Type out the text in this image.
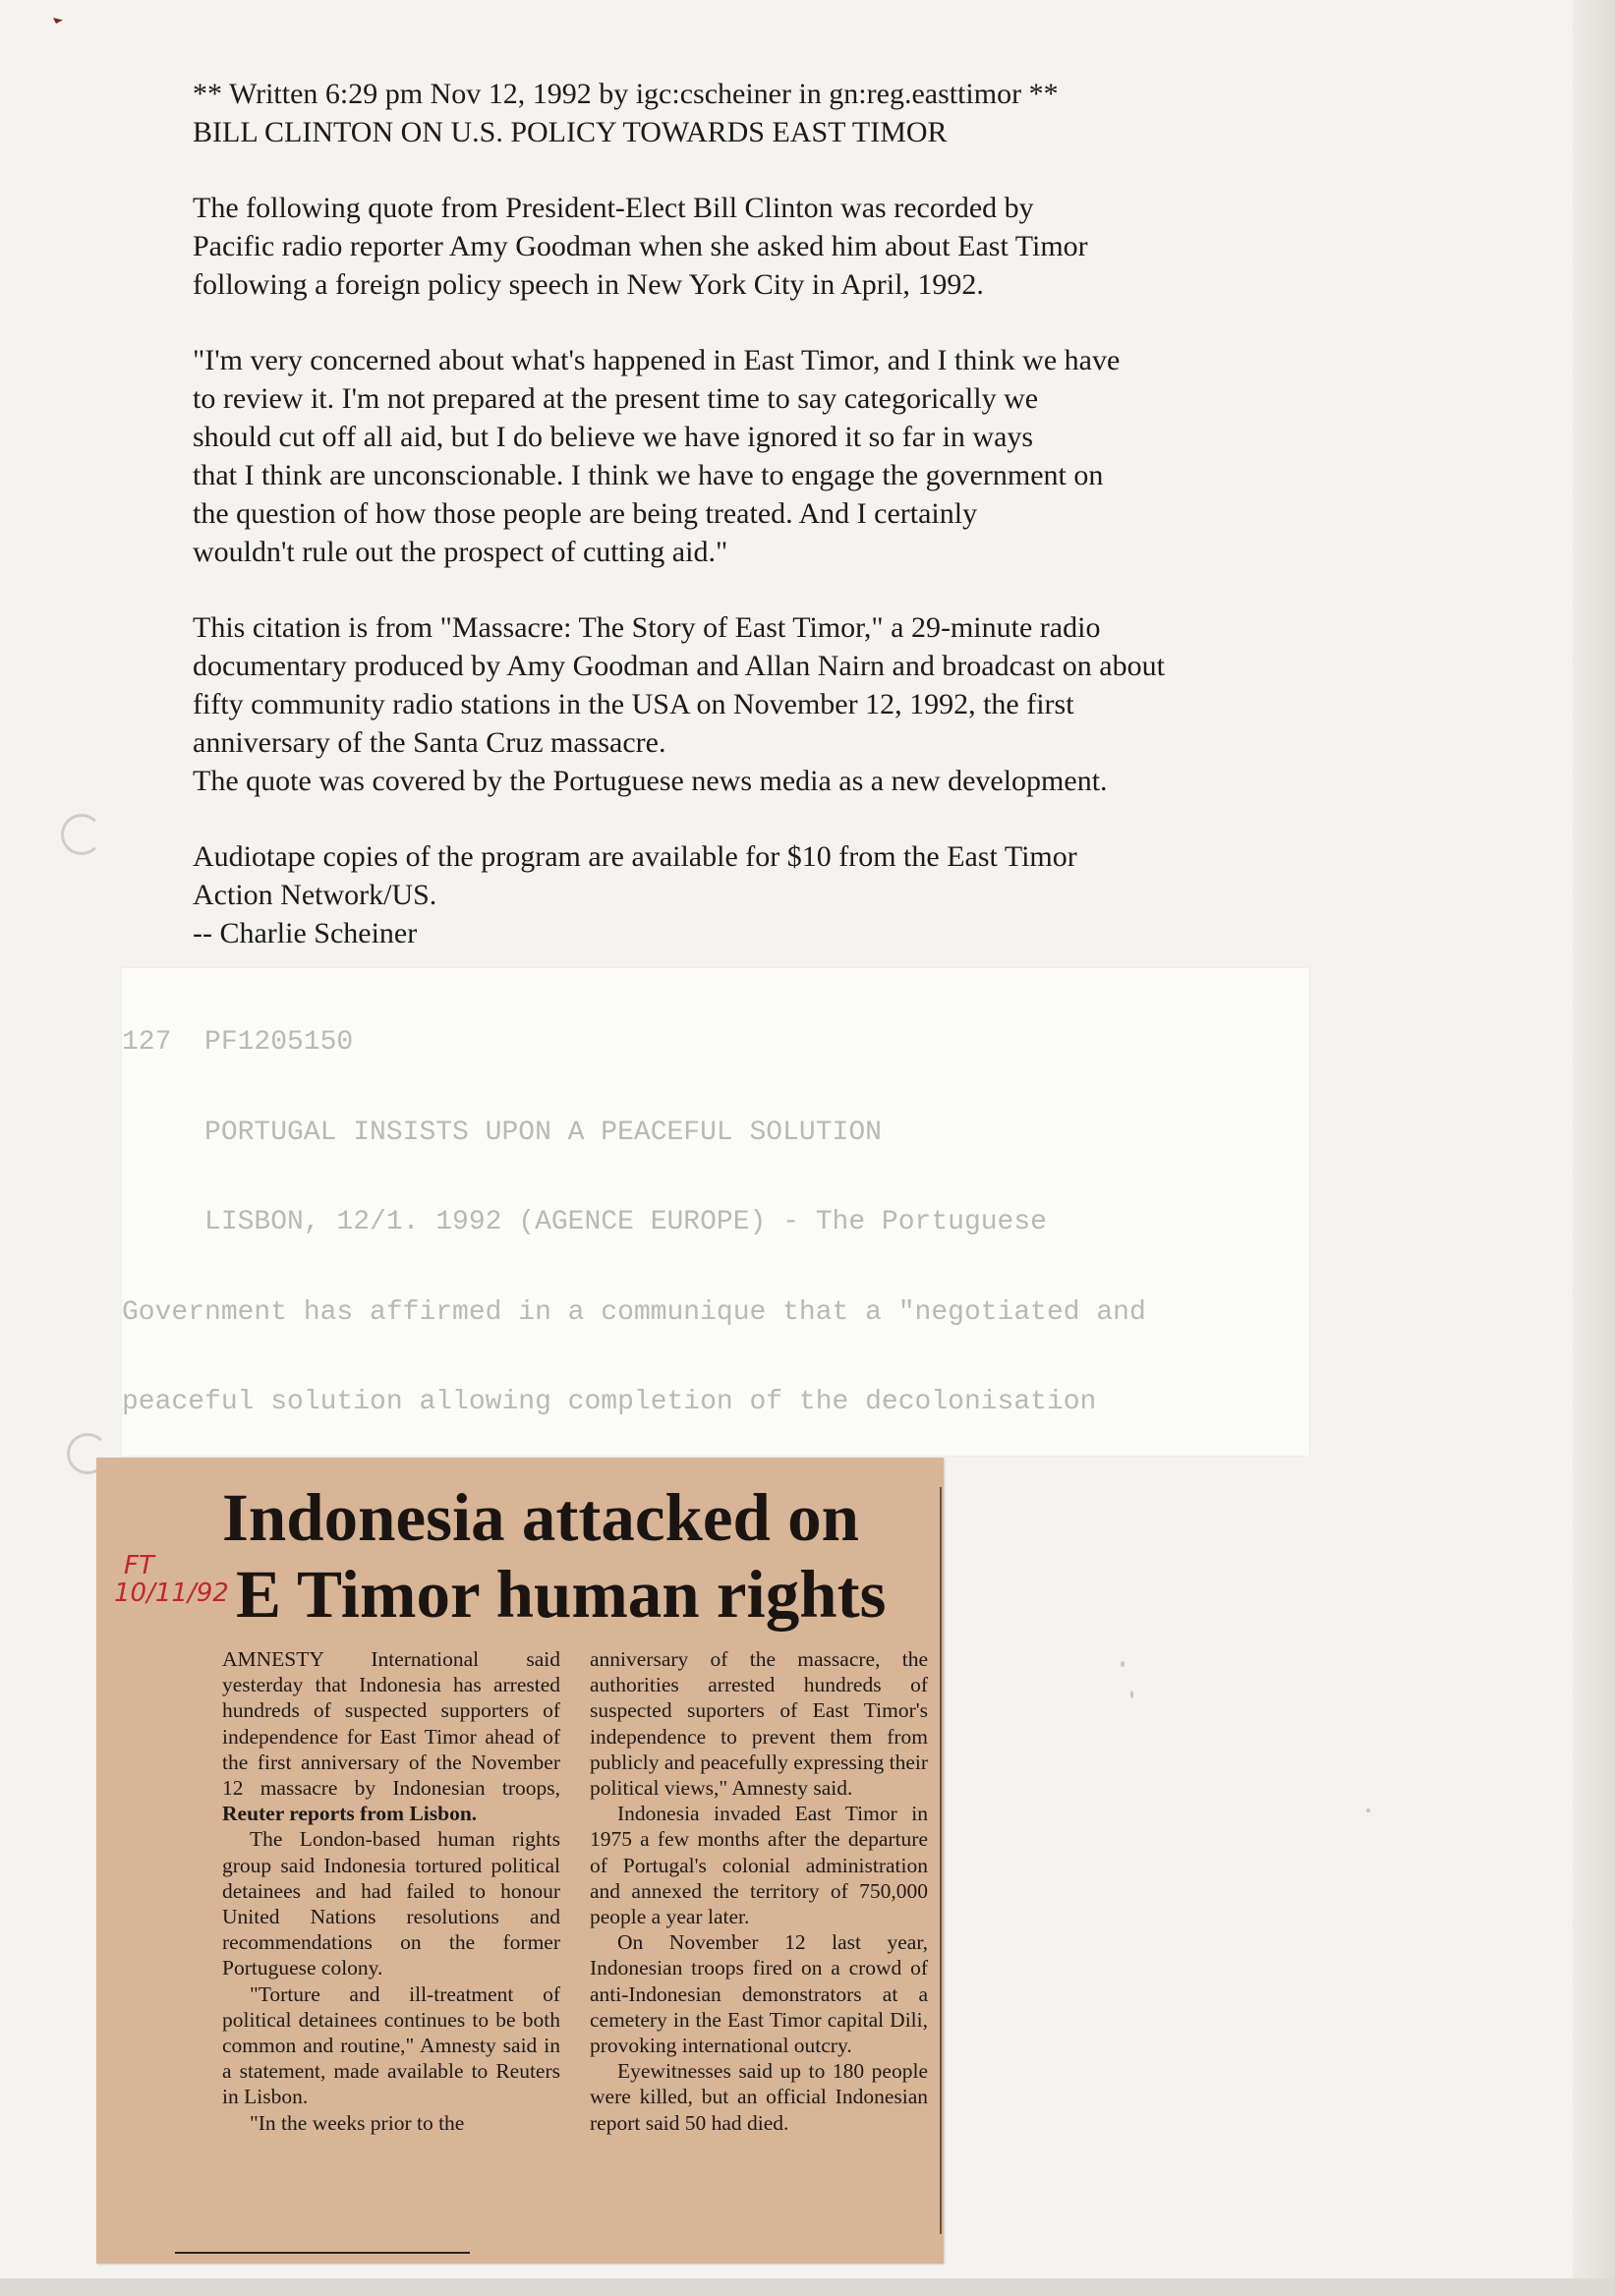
** Written 6:29 pm Nov 12, 1992 by igc:cscheiner in gn:reg.easttimor **

BILL CLINTON ON U.S. POLICY TOWARDS EAST TIMOR

The following quote from President-Elect Bill Clinton was recorded by

Pacific radio reporter Amy Goodman when she asked him about East Timor

following a foreign policy speech in New York City in April, 1992.

"I'm very concerned about what's happened in East Timor, and I think we have

to review it. I'm not prepared at the present time to say categorically we

should cut off all aid, but I do believe we have ignored it so far in ways

that I think are unconscionable. I think we have to engage the government on

the question of how those people are being treated. And I certainly

wouldn't rule out the prospect of cutting aid."

This citation is from "Massacre: The Story of East Timor," a 29-minute radio

documentary produced by Amy Goodman and Allan Nairn and broadcast on about

fifty community radio stations in the USA on November 12, 1992, the first

anniversary of the Santa Cruz massacre.

The quote was covered by the Portuguese news media as a new development.

Audiotape copies of the program are available for $10 from the East Timor

Action Network/US.

-- Charlie Scheiner

127  PF1205150

PORTUGAL INSISTS UPON A PEACEFUL SOLUTION

LISBON, 12/1. 1992 (AGENCE EUROPE) - The Portuguese

Government has affirmed in a communique that a "negotiated and

peaceful solution allowing completion of the decolonisation

Indonesia attacked on
E Timor human rights
FT
10/11/92

AMNESTY International said yesterday that Indonesia has arrested hundreds of suspected supporters of independence for East Timor ahead of the first anniversary of the November 12 massacre by Indonesian troops, Reuter reports from Lisbon.

The London-based human rights group said Indonesia tortured political detainees and had failed to honour United Nations resolutions and recommendations on the former Portuguese colony.

"Torture and ill-treatment of political detainees continues to be both common and routine," Amnesty said in a statement, made available to Reuters in Lisbon.

"In the weeks prior to the

anniversary of the massacre, the authorities arrested hundreds of suspected suporters of East Timor's independence to prevent them from publicly and peacefully expressing their political views," Amnesty said.

Indonesia invaded East Timor in 1975 a few months after the departure of Portugal's colonial administration and annexed the territory of 750,000 people a year later.

On November 12 last year, Indonesian troops fired on a crowd of anti-Indonesian demonstrators at a cemetery in the East Timor capital Dili, provoking international outcry.

Eyewitnesses said up to 180 people were killed, but an official Indonesian report said 50 had died.
